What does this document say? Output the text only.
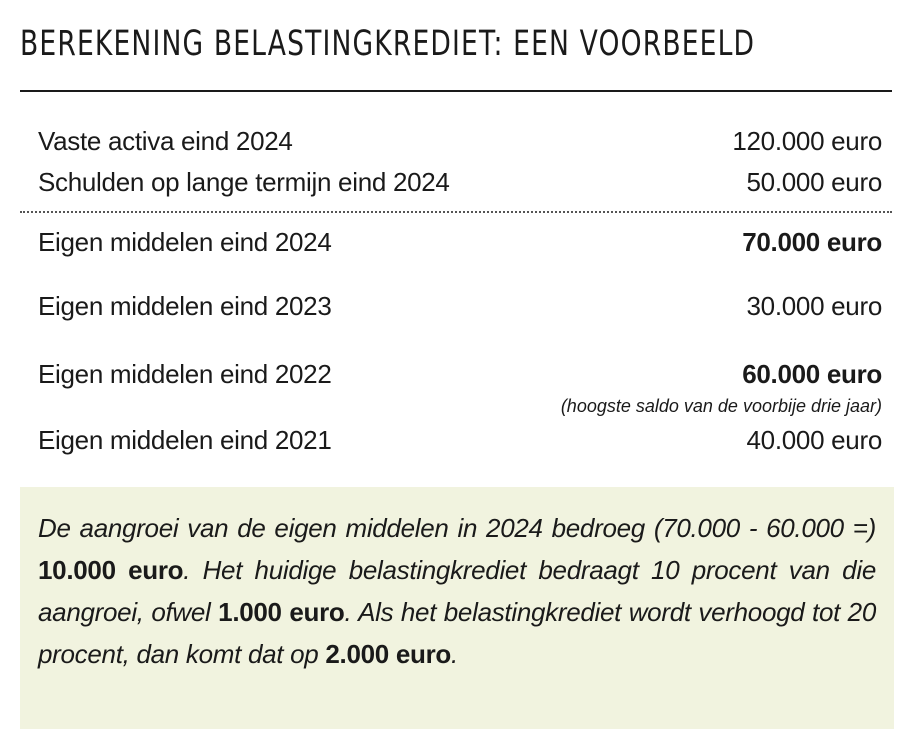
BEREKENING BELASTINGKREDIET: EEN VOORBEELD
Vaste activa eind 2024	120.000 euro
Schulden op lange termijn eind 2024	50.000 euro
Eigen middelen eind 2024	70.000 euro
Eigen middelen eind 2023	30.000 euro
Eigen middelen eind 2022	60.000 euro
(hoogste saldo van de voorbije drie jaar)
Eigen middelen eind 2021	40.000 euro

De aangroei van de eigen middelen in 2024 bedroeg (70.000 - 60.000 =) 10.000 euro. Het huidige belastingkrediet bedraagt 10 procent van die aangroei, ofwel 1.000 euro. Als het belastingkrediet wordt verhoogd tot 20 procent, dan komt dat op 2.000 euro.
